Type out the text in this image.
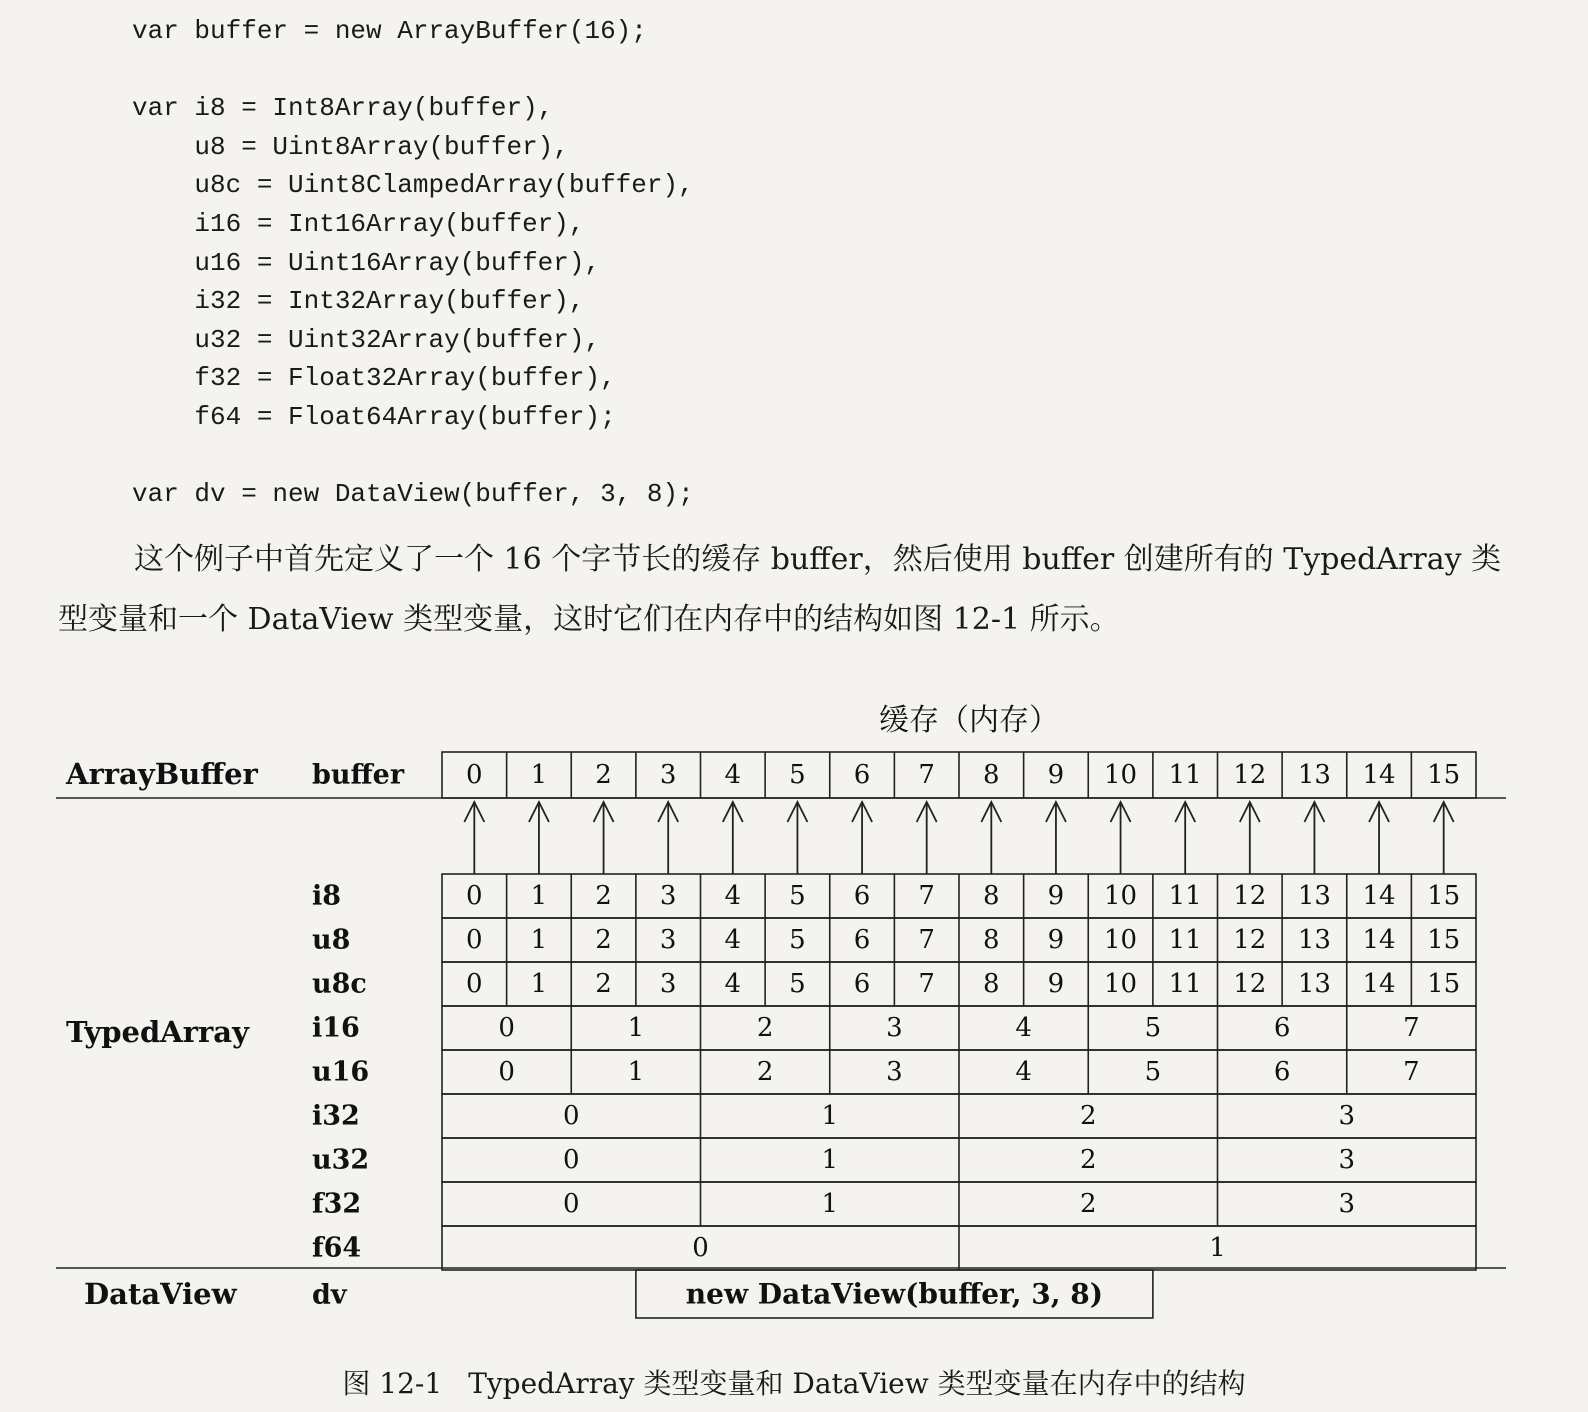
var buffer = new ArrayBuffer(16);
var i8 = Int8Array(buffer),
u8 = Uint8Array(buffer),
u8c = Uint8ClampedArray(buffer),
i16 = Int16Array(buffer),
u16 = Uint16Array(buffer),
i32 = Int32Array(buffer),
u32 = Uint32Array(buffer),
f32 = Float32Array(buffer),
f64 = Float64Array(buffer);
var dv = new DataView(buffer, 3, 8);
这个例子中首先定义了一个 16 个字节长的缓存 buffer，然后使用 buffer 创建所有的 TypedArray 类型变量和一个 DataView 类型变量，这时它们在内存中的结构如图 12-1 所示。
缓存（内存）
ArrayBuffer
TypedArray
DataView
buffer 0 1 2 3 4 5 6 7 8 9 10 11 12 13 14 15
i8	0 1 2 3 4 5 6 7 8 9 10 11 12 13 14 15
u8	0 1 2 3 4 5 6 7 8 9 10 11 12 13 14 15
u8c	0 1 2 3 4 5 6 7 8 9 10 11 12 13 14 15
i16	0	1	2	3	4	5	6	7
u16	0	1	2	3	4	5	6	7
i32	0	1	2	3
u32	0	1	2	3
f32	0	1	2	3
f64	0	1
dv	new DataView(buffer, 3, 8)
图 12-1 TypedArray 类型变量和 DataView 类型变量在内存中的结构
